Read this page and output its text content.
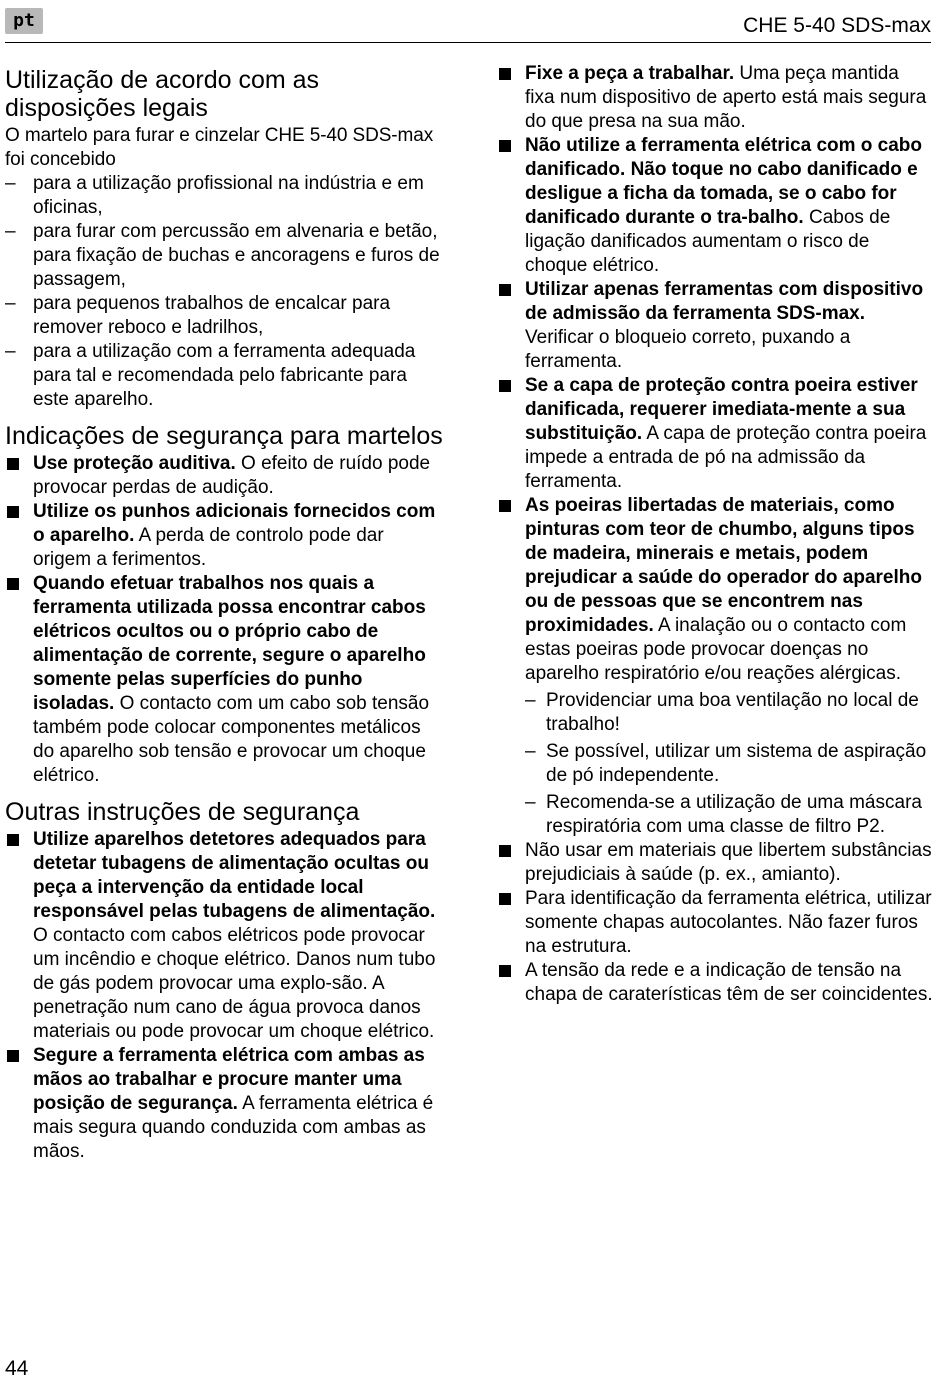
pt	CHE 5-40 SDS-max
Utilização de acordo com as disposições legais

O martelo para furar e cinzelar CHE 5-40 SDS-max foi concebido

– para a utilização profissional na indústria e em oficinas,
– para furar com percussão em alvenaria e betão, para fixação de buchas e ancoragens e furos de passagem,
– para pequenos trabalhos de encalcar para remover reboco e ladrilhos,
– para a utilização com a ferramenta adequada para tal e recomendada pelo fabricante para este aparelho.
Indicações de segurança para martelos
Use proteção auditiva. O efeito de ruído pode provocar perdas de audição.
Utilize os punhos adicionais fornecidos com o aparelho. A perda de controlo pode dar origem a ferimentos.
Quando efetuar trabalhos nos quais a ferramenta utilizada possa encontrar cabos elétricos ocultos ou o próprio cabo de alimentação de corrente, segure o aparelho somente pelas superfícies do punho isoladas. O contacto com um cabo sob tensão também pode colocar componentes metálicos do aparelho sob tensão e provocar um choque elétrico.
Outras instruções de segurança
Utilize aparelhos detetores adequados para detetar tubagens de alimentação ocultas ou peça a intervenção da entidade local responsável pelas tubagens de alimentação. O contacto com cabos elétricos pode provocar um incêndio e choque elétrico. Danos num tubo de gás podem provocar uma explo-são. A penetração num cano de água provoca danos materiais ou pode provocar um choque elétrico.
Segure a ferramenta elétrica com ambas as mãos ao trabalhar e procure manter uma posição de segurança. A ferramenta elétrica é mais segura quando conduzida com ambas as mãos.
Fixe a peça a trabalhar. Uma peça mantida fixa num dispositivo de aperto está mais segura do que presa na sua mão.
Não utilize a ferramenta elétrica com o cabo danificado. Não toque no cabo danificado e desligue a ficha da tomada, se o cabo for danificado durante o tra-balho. Cabos de ligação danificados aumentam o risco de choque elétrico.
Utilizar apenas ferramentas com dispositivo de admissão da ferramenta SDS-max. Verificar o bloqueio correto, puxando a ferramenta.
Se a capa de proteção contra poeira estiver danificada, requerer imediata-mente a sua substituição. A capa de proteção contra poeira impede a entrada de pó na admissão da ferramenta.
As poeiras libertadas de materiais, como pinturas com teor de chumbo, alguns tipos de madeira, minerais e metais, podem prejudicar a saúde do operador do aparelho ou de pessoas que se encontrem nas proximidades. A inalação ou o contacto com estas poeiras pode provocar doenças no aparelho respiratório e/ou reações alérgicas.
– Providenciar uma boa ventilação no local de trabalho!
– Se possível, utilizar um sistema de aspiração de pó independente.
– Recomenda-se a utilização de uma máscara respiratória com uma classe de filtro P2.
Não usar em materiais que libertem substâncias prejudiciais à saúde (p. ex., amianto).
Para identificação da ferramenta elétrica, utilizar somente chapas autocolantes. Não fazer furos na estrutura.
A tensão da rede e a indicação de tensão na chapa de caraterísticas têm de ser coincidentes.
44
